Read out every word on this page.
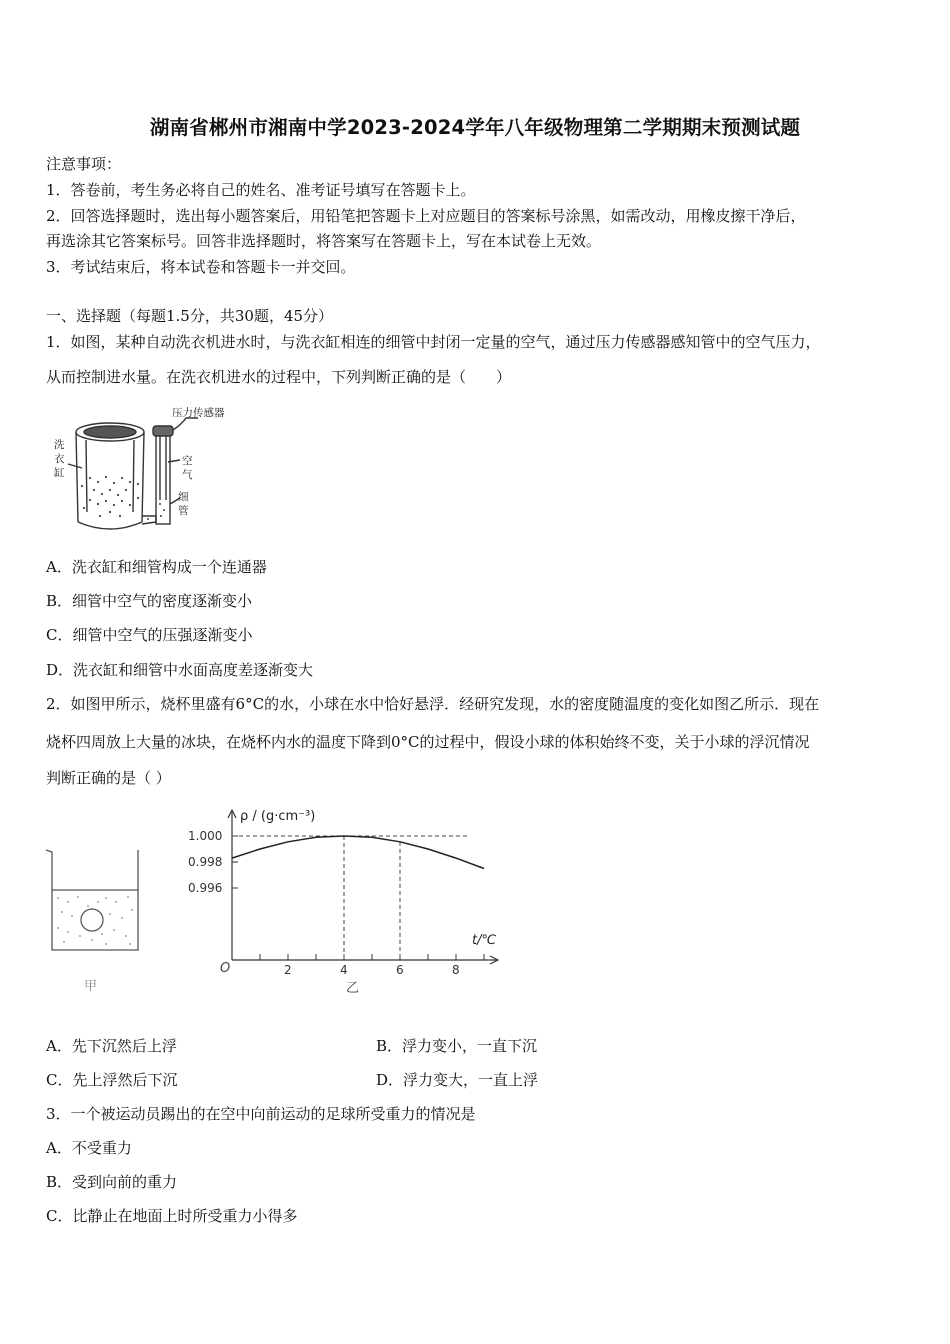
湖南省郴州市湘南中学2023-2024学年八年级物理第二学期期末预测试题
注意事项：
1．答卷前，考生务必将自己的姓名、准考证号填写在答题卡上。
2．回答选择题时，选出每小题答案后，用铅笔把答题卡上对应题目的答案标号涂黑，如需改动，用橡皮擦干净后，
再选涂其它答案标号。回答非选择题时，将答案写在答题卡上，写在本试卷上无效。
3．考试结束后，将本试卷和答题卡一并交回。
一、选择题（每题1.5分，共30题，45分）
1．如图，某种自动洗衣机进水时，与洗衣缸相连的细管中封闭一定量的空气，通过压力传感器感知管中的空气压力，
从而控制进水量。在洗衣机进水的过程中，下列判断正确的是（　　）
压力传感器
洗
衣
缸
空
气
细
管
A．洗衣缸和细管构成一个连通器
B．细管中空气的密度逐渐变小
C．细管中空气的压强逐渐变小
D．洗衣缸和细管中水面高度差逐渐变大
2．如图甲所示，烧杯里盛有6°C的水，小球在水中恰好悬浮．经研究发现，水的密度随温度的变化如图乙所示．现在
烧杯四周放上大量的冰块，在烧杯内水的温度下降到0°C的过程中，假设小球的体积始终不变，关于小球的浮沉情况
判断正确的是（ ）
甲
2	4	6	8
1.000
0.998
0.996
ρ / (g·cm⁻³)
t/℃
O
乙
A．先下沉然后上浮	B．浮力变小，一直下沉
C．先上浮然后下沉	D．浮力变大，一直上浮
3．一个被运动员踢出的在空中向前运动的足球所受重力的情况是
A．不受重力
B．受到向前的重力
C．比静止在地面上时所受重力小得多
